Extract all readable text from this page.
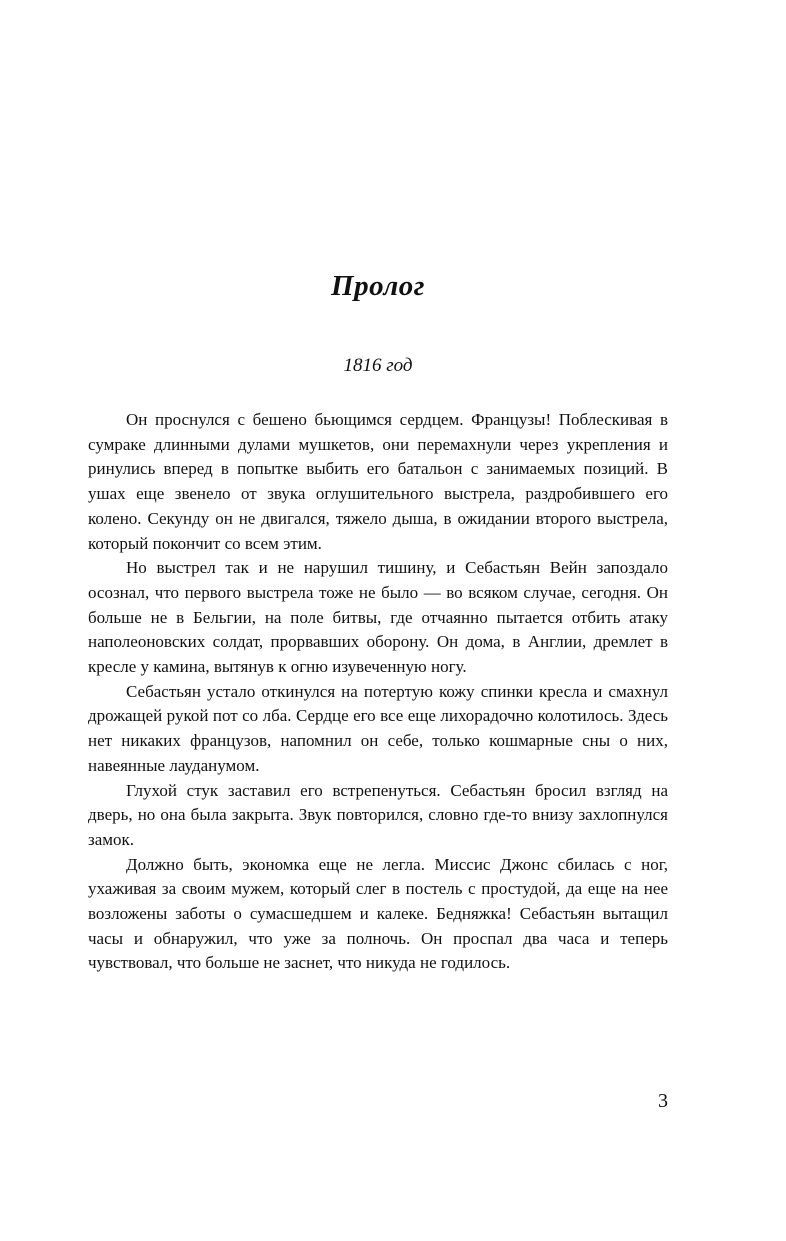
Пролог
1816 год

Он проснулся с бешено бьющимся сердцем. Французы! Поблескивая в сумраке длинными дулами мушкетов, они перемахнули через укрепления и ринулись вперед в попытке выбить его батальон с занимаемых позиций. В ушах еще звенело от звука оглушительного выстрела, раздробившего его колено. Секунду он не двигался, тяжело дыша, в ожидании второго выстрела, который покончит со всем этим.

Но выстрел так и не нарушил тишину, и Себастьян Вейн запоздало осознал, что первого выстрела тоже не было — во всяком случае, сегодня. Он больше не в Бельгии, на поле битвы, где отчаянно пытается отбить атаку наполеоновских солдат, прорвавших оборону. Он дома, в Англии, дремлет в кресле у камина, вытянув к огню изувеченную ногу.

Себастьян устало откинулся на потертую кожу спинки кресла и смахнул дрожащей рукой пот со лба. Сердце его все еще лихорадочно колотилось. Здесь нет никаких французов, напомнил он себе, только кошмарные сны о них, навеянные лауданумом.

Глухой стук заставил его встрепенуться. Себастьян бросил взгляд на дверь, но она была закрыта. Звук повторился, словно где-то внизу захлопнулся замок.

Должно быть, экономка еще не легла. Миссис Джонс сбилась с ног, ухаживая за своим мужем, который слег в постель с простудой, да еще на нее возложены заботы о сумасшедшем и калеке. Бедняжка! Себастьян вытащил часы и обнаружил, что уже за полночь. Он проспал два часа и теперь чувствовал, что больше не заснет, что никуда не годилось.

3
